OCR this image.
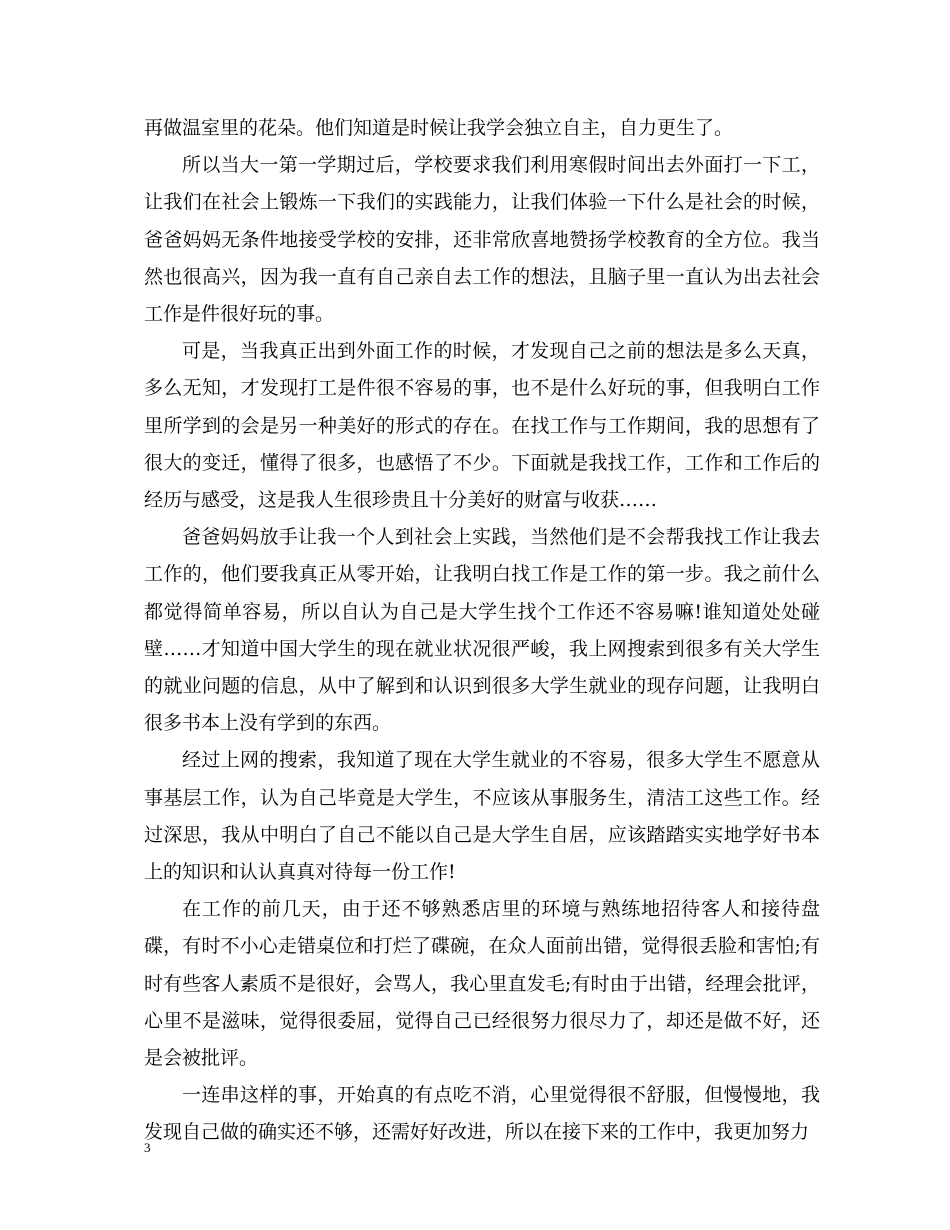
再做温室里的花朵。他们知道是时候让我学会独立自主，自力更生了。

所以当大一第一学期过后，学校要求我们利用寒假时间出去外面打一下工，让我们在社会上锻炼一下我们的实践能力，让我们体验一下什么是社会的时候，爸爸妈妈无条件地接受学校的安排，还非常欣喜地赞扬学校教育的全方位。我当然也很高兴，因为我一直有自己亲自去工作的想法，且脑子里一直认为出去社会工作是件很好玩的事。

可是，当我真正出到外面工作的时候，才发现自己之前的想法是多么天真，多么无知，才发现打工是件很不容易的事，也不是什么好玩的事，但我明白工作里所学到的会是另一种美好的形式的存在。在找工作与工作期间，我的思想有了很大的变迁，懂得了很多，也感悟了不少。下面就是我找工作，工作和工作后的经历与感受，这是我人生很珍贵且十分美好的财富与收获……

爸爸妈妈放手让我一个人到社会上实践，当然他们是不会帮我找工作让我去工作的，他们要我真正从零开始，让我明白找工作是工作的第一步。我之前什么都觉得简单容易，所以自认为自己是大学生找个工作还不容易嘛!谁知道处处碰壁……才知道中国大学生的现在就业状况很严峻，我上网搜索到很多有关大学生的就业问题的信息，从中了解到和认识到很多大学生就业的现存问题，让我明白很多书本上没有学到的东西。

经过上网的搜索，我知道了现在大学生就业的不容易，很多大学生不愿意从事基层工作，认为自己毕竟是大学生，不应该从事服务生，清洁工这些工作。经过深思，我从中明白了自己不能以自己是大学生自居，应该踏踏实实地学好书本上的知识和认认真真对待每一份工作!

在工作的前几天，由于还不够熟悉店里的环境与熟练地招待客人和接待盘碟，有时不小心走错桌位和打烂了碟碗，在众人面前出错，觉得很丢脸和害怕;有时有些客人素质不是很好，会骂人，我心里直发毛;有时由于出错，经理会批评，心里不是滋味，觉得很委屈，觉得自己已经很努力很尽力了，却还是做不好，还是会被批评。

一连串这样的事，开始真的有点吃不消，心里觉得很不舒服，但慢慢地，我发现自己做的确实还不够，还需好好改进，所以在接下来的工作中，我更加努力

3
